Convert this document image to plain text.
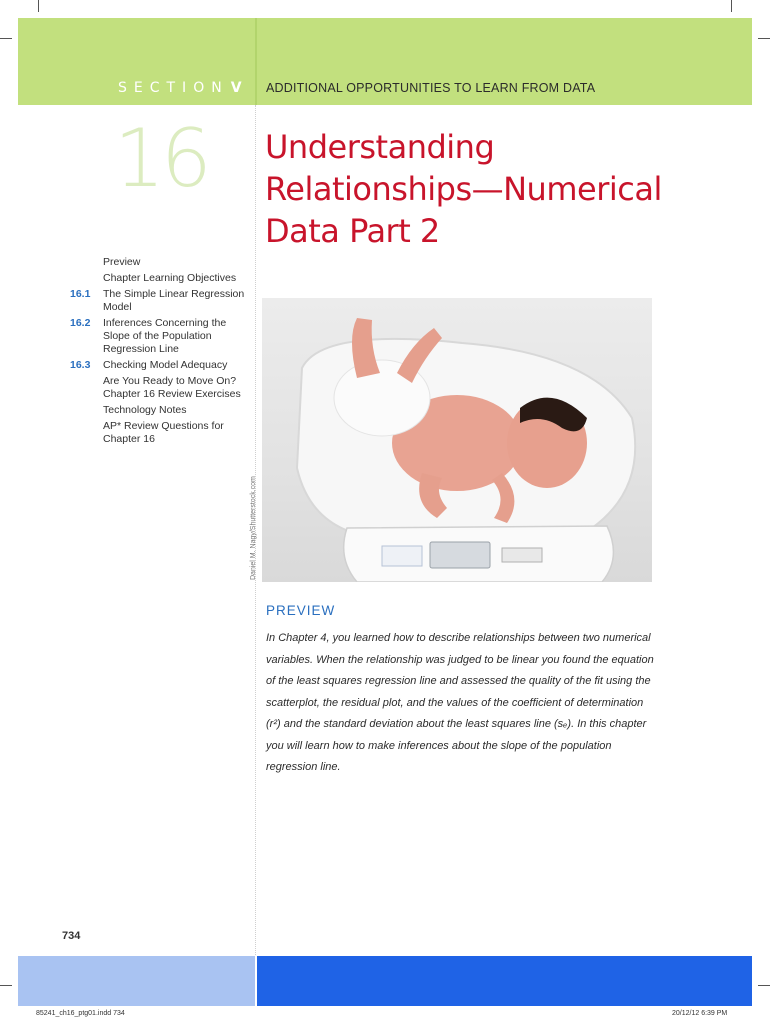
SECTION V ADDITIONAL OPPORTUNITIES TO LEARN FROM DATA
16 Understanding
Relationships—Numerical
Data Part 2
Preview
Chapter Learning Objectives
16.1	The Simple Linear Regression Model
16.2	Inferences Concerning the Slope of the Population Regression Line
16.3	Checking Model Adequacy
Are You Ready to Move On? Chapter 16 Review Exercises
Technology Notes
AP* Review Questions for Chapter 16
Daniel M. Nagy/Shutterstock.com
PREVIEW

In Chapter 4, you learned how to describe relationships between two numerical variables. When the relationship was judged to be linear you found the equation of the least squares regression line and assessed the quality of the fit using the scatterplot, the residual plot, and the values of the coefficient of determination (r²) and the standard deviation about the least squares line (sₑ). In this chapter you will learn how to make inferences about the slope of the population regression line.

734
85241_ch16_ptg01.indd 734	20/12/12 6:39 PM
